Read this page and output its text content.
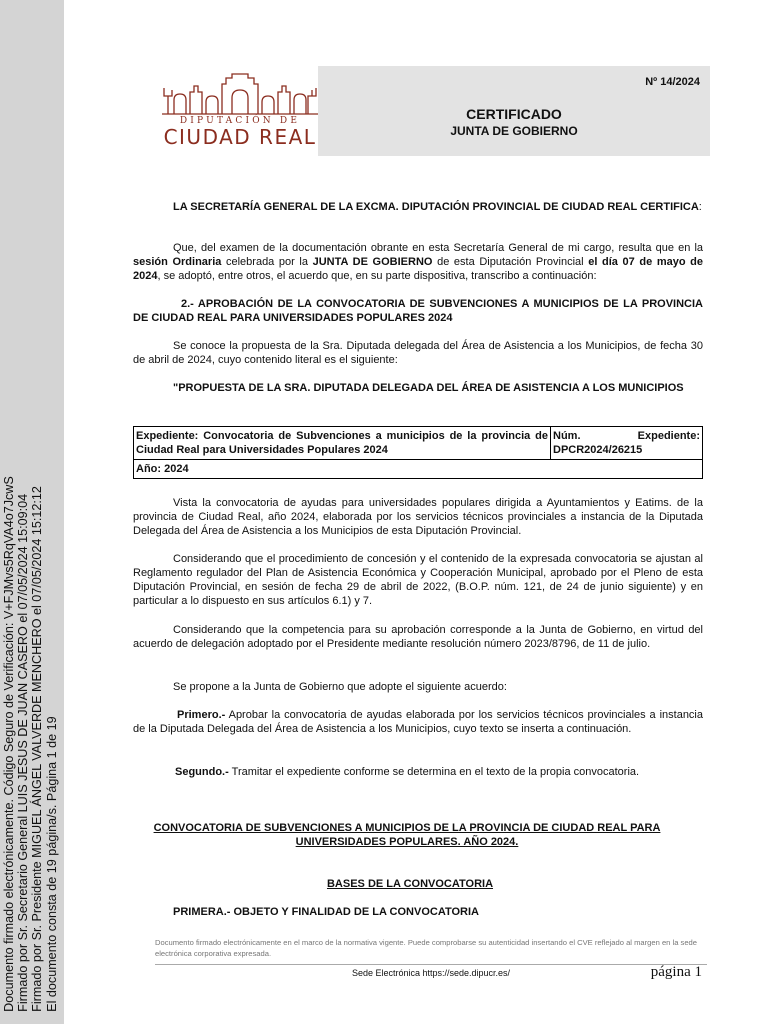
Documento firmado electrónicamente. Código Seguro de Verificación: V+FJMvs5RqVA4o7JcwS Firmado por Sr. Secretario General LUIS JESUS DE JUAN CASERO el 07/05/2024 15:09:04 Firmado por Sr. Presidente MIGUEL ÁNGEL VALVERDE MENCHERO el 07/05/2024 15:12:12 El documento consta de 19 página/s. Página 1 de 19
DIPUTACIÓN DE
CIUDAD REAL
Nº 14/2024
CERTIFICADO
JUNTA DE GOBIERNO
LA SECRETARÍA GENERAL DE LA EXCMA. DIPUTACIÓN PROVINCIAL DE CIUDAD REAL CERTIFICA:
Que, del examen de la documentación obrante en esta Secretaría General de mi cargo, resulta que en la sesión Ordinaria celebrada por la JUNTA DE GOBIERNO de esta Diputación Provincial el día 07 de mayo de 2024, se adoptó, entre otros, el acuerdo que, en su parte dispositiva, transcribo a continuación:
2.- APROBACIÓN DE LA CONVOCATORIA DE SUBVENCIONES A MUNICIPIOS DE LA PROVINCIA DE CIUDAD REAL PARA UNIVERSIDADES POPULARES 2024
Se conoce la propuesta de la Sra. Diputada delegada del Área de Asistencia a los Municipios, de fecha 30 de abril de 2024, cuyo contenido literal es el siguiente:
"PROPUESTA DE LA SRA. DIPUTADA DELEGADA DEL ÁREA DE ASISTENCIA A LOS MUNICIPIOS
Expediente: Convocatoria de Subvenciones a municipios de la provincia de Ciudad Real para Universidades Populares 2024	
Núm. Expediente:
DPCR2024/26215

Año: 2024
Vista la convocatoria de ayudas para universidades populares dirigida a Ayuntamientos y Eatims. de la provincia de Ciudad Real, año 2024, elaborada por los servicios técnicos provinciales a instancia de la Diputada Delegada del Área de Asistencia a los Municipios de esta Diputación Provincial.
Considerando que el procedimiento de concesión y el contenido de la expresada convocatoria se ajustan al Reglamento regulador del Plan de Asistencia Económica y Cooperación Municipal, aprobado por el Pleno de esta Diputación Provincial, en sesión de fecha 29 de abril de 2022, (B.O.P. núm. 121, de 24 de junio siguiente) y en particular a lo dispuesto en sus artículos 6.1) y 7.
Considerando que la competencia para su aprobación corresponde a la Junta de Gobierno, en virtud del acuerdo de delegación adoptado por el Presidente mediante resolución número 2023/8796, de 11 de julio.
Se propone a la Junta de Gobierno que adopte el siguiente acuerdo:
Primero.- Aprobar la convocatoria de ayudas elaborada por los servicios técnicos provinciales a instancia de la Diputada Delegada del Área de Asistencia a los Municipios, cuyo texto se inserta a continuación.
Segundo.- Tramitar el expediente conforme se determina en el texto de la propia convocatoria.
CONVOCATORIA DE SUBVENCIONES A MUNICIPIOS DE LA PROVINCIA DE CIUDAD REAL PARA UNIVERSIDADES POPULARES. AÑO 2024.
BASES DE LA CONVOCATORIA
PRIMERA.- OBJETO Y FINALIDAD DE LA CONVOCATORIA
Documento firmado electrónicamente en el marco de la normativa vigente. Puede comprobarse su autenticidad insertando el CVE reflejado al margen en la sede electrónica corporativa expresada.
Sede Electrónica https://sede.dipucr.es/	página 1
